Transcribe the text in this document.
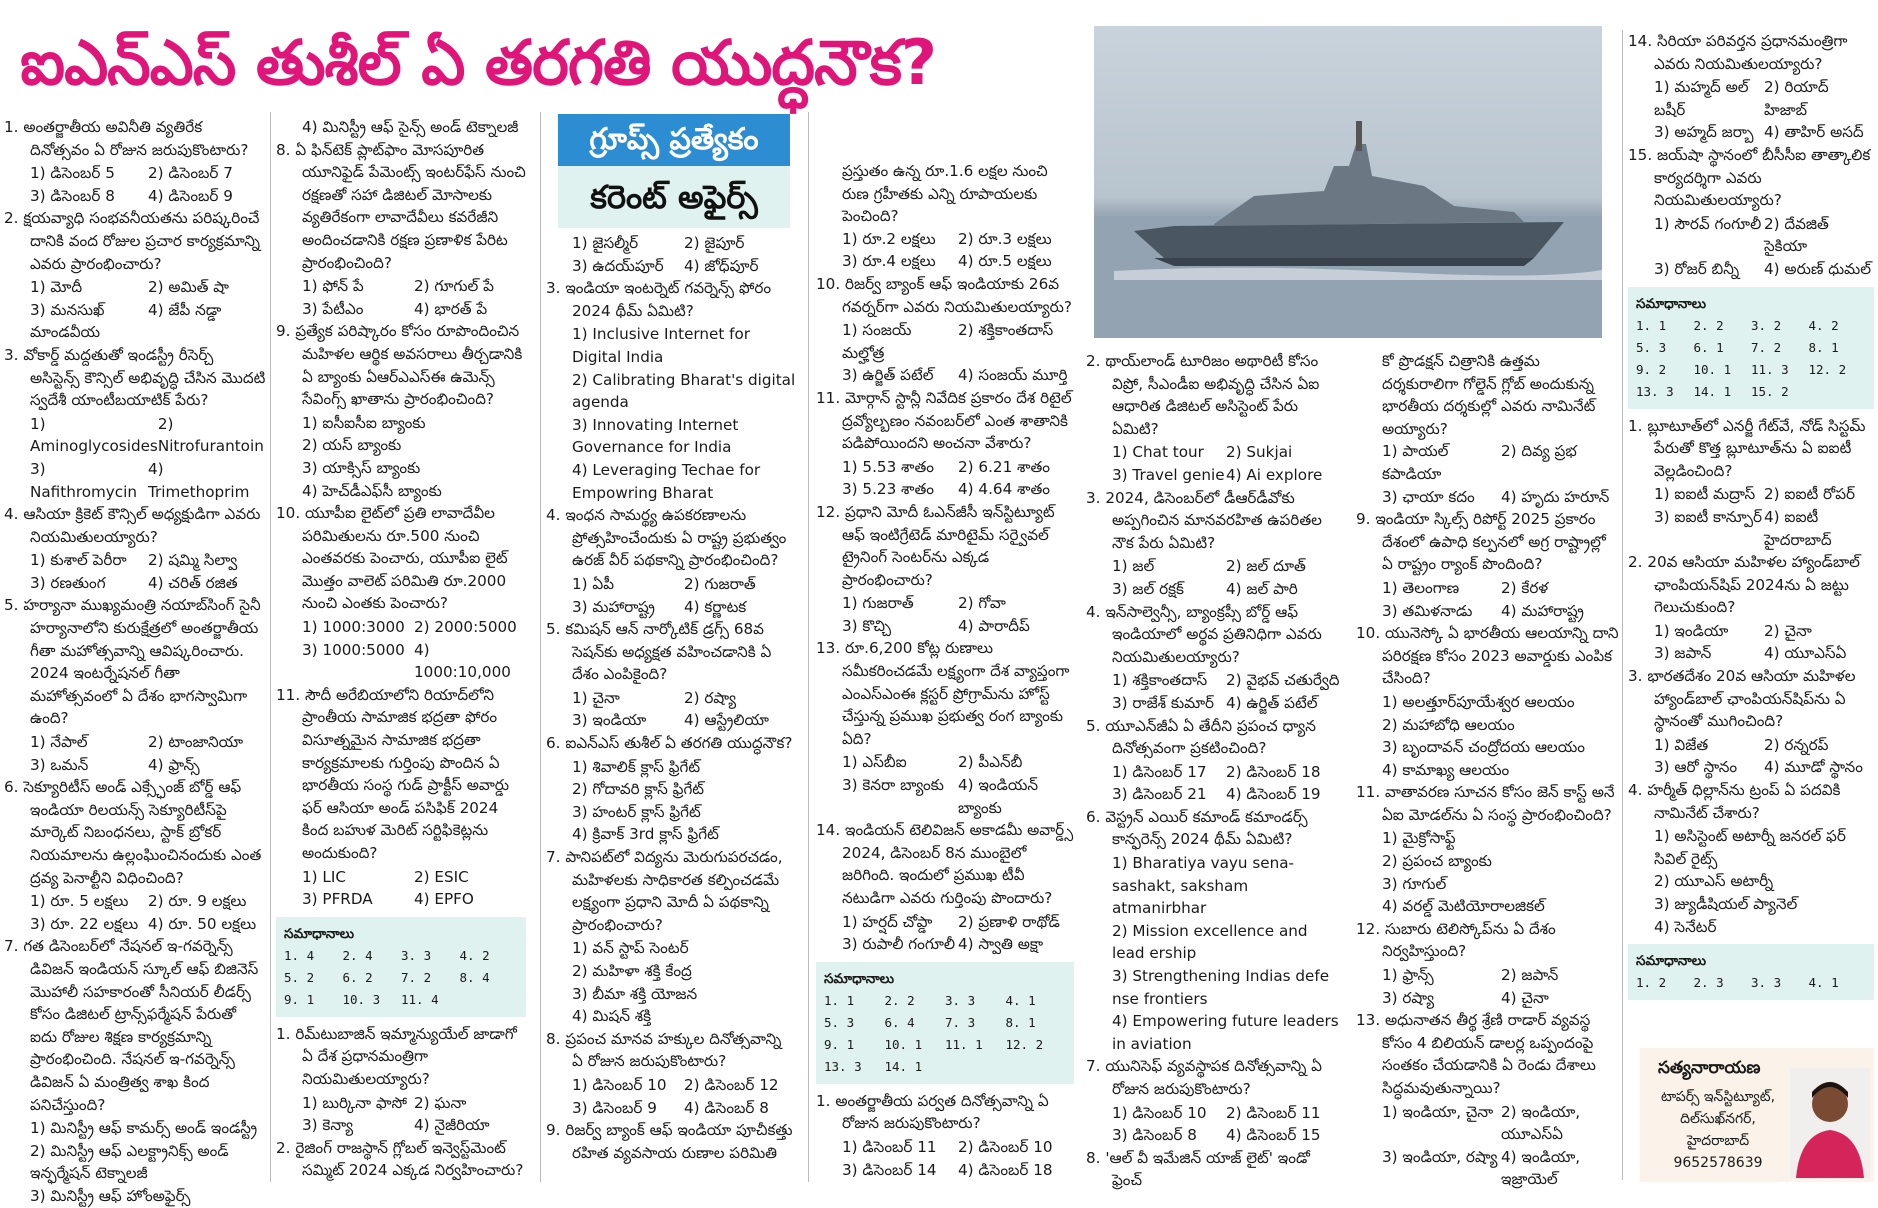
ఐఎన్ఎస్ తుశీల్ ఏ తరగతి యుద్ధనౌక?
గ్రూప్స్ ప్రత్యేకం
కరెంట్ అఫైర్స్
1. అంతర్జాతీయ అవినీతి వ్యతిరేక దినోత్సవం ఏ రోజున జరుపుకొంటారు?
1) డిసెంబర్ 5	2) డిసెంబర్ 7
3) డిసెంబర్ 8	4) డిసెంబర్ 9
2. క్షయవ్యాధి సంభవనీయతను పరిష్కరించే దానికి వంద రోజుల ప్రచార కార్యక్రమాన్ని ఎవరు ప్రారంభించారు?
1) మోదీ	2) అమిత్ షా
3) మనసుఖ్ మాండవీయ
4) జేపీ నడ్డా
3. వోకార్డ్ మద్దతుతో ఇండస్ట్రీ రీసెర్చ్ అసిస్టెన్స్ కౌన్సిల్ అభివృద్ధి చేసిన మొదటి స్వదేశీ యాంటీబయాటిక్ పేరు?
1) Aminoglycosides
2) Nitrofurantoin
3) Nafithromycin
4) Trimethoprim
4. ఆసియా క్రికెట్ కౌన్సిల్ అధ్యక్షుడిగా ఎవరు నియమితులయ్యారు?
1) కుశాల్ పెరీరా	2) షమ్మి సిల్వా
3) రణతుంగ	4) చరిత్ రజిత
5. హర్యానా ముఖ్యమంత్రి నయాబ్‌సింగ్ సైనీ హర్యానాలోని కురుక్షేత్రలో అంతర్జాతీయ గీతా మహోత్సవాన్ని ఆవిష్కరించారు. 2024 ఇంటర్నేషనల్ గీతా మహోత్సవంలో ఏ దేశం భాగస్వామిగా ఉంది?
1) నేపాల్	2) టాంజానియా
3) ఒమన్	4) ఫ్రాన్స్
6. సెక్యూరిటీస్ అండ్ ఎక్స్ఛేంజ్ బోర్డ్ ఆఫ్ ఇండియా రిలయన్స్ సెక్యూరిటీస్‌పై మార్కెట్ నిబంధనలు, స్టాక్ బ్రోకర్ నియమాలను ఉల్లంఘించినందుకు ఎంత ద్రవ్య పెనాల్టీని విధించింది?
1) రూ. 5 లక్షలు	2) రూ. 9 లక్షలు
3) రూ. 22 లక్షలు 4) రూ. 50 లక్షలు
7. గత డిసెంబర్‌లో నేషనల్ ఇ-గవర్నెన్స్ డివిజన్ ఇండియన్ స్కూల్ ఆఫ్ బిజినెస్ మొహాలీ సహకారంతో సీనియర్ లీడర్స్ కోసం డిజిటల్ ట్రాన్స్‌ఫర్మేషన్ పేరుతో ఐదు రోజుల శిక్షణ కార్యక్రమాన్ని ప్రారంభించింది. నేషనల్ ఇ-గవర్నెన్స్ డివిజన్ ఏ మంత్రిత్వ శాఖ కింద పనిచేస్తుంది?
1) మినిస్ట్రీ ఆఫ్ కామర్స్ అండ్ ఇండస్ట్రీ
2) మినిస్ట్రీ ఆఫ్ ఎలక్ట్రానిక్స్ అండ్ ఇన్ఫర్మేషన్ టెక్నాలజీ
3) మినిస్ట్రీ ఆఫ్ హోంఅఫైర్స్
4) మినిస్ట్రీ ఆఫ్ సైన్స్ అండ్ టెక్నాలజీ
8. ఏ ఫిన్‌టెక్ ప్లాట్‌ఫాం మోసపూరిత యూనిఫైడ్ పేమెంట్స్ ఇంటర్‌ఫేస్ నుంచి రక్షణతో సహా డిజిటల్ మోసాలకు వ్యతిరేకంగా లావాదేవీలు కవరేజీని అందించడానికి రక్షణ ప్రణాళిక పేరిట ప్రారంభించింది?
1) ఫోన్ పే	2) గూగుల్ పే
3) పేటీఎం	4) భారత్ పే
9. ప్రత్యేక పరిష్కారం కోసం రూపొందించిన మహిళల ఆర్థిక అవసరాలు తీర్చడానికి ఏ బ్యాంకు ఏఆర్ఎఎస్ఈ ఉమెన్స్ సేవింగ్స్ ఖాతాను ప్రారంభించింది?
1) ఐసీఐసీఐ బ్యాంకు
2) యస్ బ్యాంకు
3) యాక్సిస్ బ్యాంకు
4) హెచ్‌డీఎఫ్‌సీ బ్యాంకు
10. యూపీఐ లైట్‌లో ప్రతి లావాదేవీల పరిమితులను రూ.500 నుంచి ఎంతవరకు పెంచారు, యూపీఐ లైట్ మొత్తం వాలెట్ పరిమితి రూ.2000 నుంచి ఎంతకు పెంచారు?
1) 1000:3000 2) 2000:5000
3) 1000:5000 4) 1000:10,000
11. సౌదీ అరేబియాలోని రియాద్‌లోని ప్రాంతీయ సామాజిక భద్రతా ఫోరం విసూత్నమైన సామాజిక భద్రతా కార్యక్రమాలకు గుర్తింపు పొందిన ఏ భారతీయ సంస్థ గుడ్ ప్రాక్టీస్ అవార్డు ఫర్ ఆసియా అండ్ పసిఫిక్ 2024 కింద బహుళ మెరిట్ సర్టిఫికెట్లను అందుకుంది?
1) LIC	2) ESIC
3) PFRDA	4) EPFO
సమాధానాలు
1. 4	2. 4	3. 3	4. 2
5. 2	6. 2	7. 2	8. 4
9. 1	10. 3	11. 4
1. రిమ్‌టుబాజిన్ ఇమ్మాన్యుయేల్ జాడాగో ఏ దేశ ప్రధానమంత్రిగా నియమితులయ్యారు?
1) బుర్కినా ఫాసో 2) ఘనా
3) కెన్యా	4) నైజీరియా
2. రైజింగ్ రాజస్థాన్ గ్లోబల్ ఇన్వెస్ట్‌మెంట్ సమ్మిట్ 2024 ఎక్కడ నిర్వహించారు?
1) జైసల్మీర్	2) జైపూర్
3) ఉదయ్‌పూర్	4) జోధ్‌పూర్
3. ఇండియా ఇంటర్నెట్ గవర్నెన్స్ ఫోరం 2024 థీమ్ ఏమిటి?
1) Inclusive Internet for Digital India
2) Calibrating Bharat's digital agenda
3) Innovating Internet Governance for India
4) Leveraging Techae for Empowring Bharat
4. ఇంధన సామర్థ్య ఉపకరణాలను ప్రోత్సహించేందుకు ఏ రాష్ట్ర ప్రభుత్వం ఉరజ్ వీర్ పథకాన్ని ప్రారంభించింది?
1) ఏపీ	2) గుజరాత్
3) మహారాష్ట్ర	4) కర్ణాటక
5. కమిషన్ ఆన్ నార్కోటిక్ డ్రగ్స్ 68వ సెషన్‌కు అధ్యక్షత వహించడానికి ఏ దేశం ఎంపికైంది?
1) చైనా	2) రష్యా
3) ఇండియా	4) ఆస్ట్రేలియా
6. ఐఎన్ఎస్ తుశీల్ ఏ తరగతి యుద్ధనౌక?
1) శివాలిక్ క్లాస్ ఫ్రిగేట్
2) గోదావరి క్లాస్ ఫ్రిగేట్
3) హంటర్ క్లాస్ ఫ్రిగేట్
4) క్రివాక్ 3rd క్లాస్ ఫ్రిగేట్
7. పానిపట్‌లో విద్యను మెరుగుపరచడం, మహిళలకు సాధికారత కల్పించడమే లక్ష్యంగా ప్రధాని మోదీ ఏ పథకాన్ని ప్రారంభించారు?
1) వన్ స్టాప్ సెంటర్
2) మహిళా శక్తి కేంద్ర
3) బీమా శక్తి యోజన
4) మిషన్ శక్తి
8. ప్రపంచ మానవ హక్కుల దినోత్సవాన్ని ఏ రోజున జరుపుకొంటారు?
1) డిసెంబర్ 10	2) డిసెంబర్ 12
3) డిసెంబర్ 9	4) డిసెంబర్ 8
9. రిజర్వ్ బ్యాంక్ ఆఫ్ ఇండియా పూచీకత్తు రహిత వ్యవసాయ రుణాల పరిమితి
ప్రస్తుతం ఉన్న రూ.1.6 లక్షల నుంచి రుణ గ్రహీతకు ఎన్ని రూపాయలకు పెంచింది?
1) రూ.2 లక్షలు	2) రూ.3 లక్షలు
3) రూ.4 లక్షలు	4) రూ.5 లక్షలు
10. రిజర్వ్ బ్యాంక్ ఆఫ్ ఇండియాకు 26వ గవర్నర్‌గా ఎవరు నియమితులయ్యారు?
1) సంజయ్ మల్హోత్ర
2) శక్తికాంతదాస్
3) ఉర్జిత్ పటేల్	4) సంజయ్ మూర్తి
11. మోర్గాన్ స్టాన్లీ నివేదిక ప్రకారం దేశ రిటైల్ ద్రవ్యోల్బణం నవంబర్‌లో ఎంత శాతానికి పడిపోయిందని అంచనా వేశారు?
1) 5.53 శాతం	2) 6.21 శాతం
3) 5.23 శాతం	4) 4.64 శాతం
12. ప్రధాని మోదీ ఓఎన్‌జీసీ ఇన్‌స్టిట్యూట్ ఆఫ్ ఇంటిగ్రేటెడ్ మారిటైమ్ సర్వైవల్ ట్రైనింగ్ సెంటర్‌ను ఎక్కడ ప్రారంభించారు?
1) గుజరాత్	2) గోవా
3) కొచ్చి	4) పారాదీప్
13. రూ.6,200 కోట్ల రుణాలు సమీకరించడమే లక్ష్యంగా దేశ వ్యాప్తంగా ఎంఎస్ఎంఈ క్లస్టర్ ప్రోగ్రామ్‌ను హోస్ట్ చేస్తున్న ప్రముఖ ప్రభుత్వ రంగ బ్యాంకు ఏది?
1) ఎస్‌బీఐ	2) పీఎన్‌బీ
3) కెనరా బ్యాంకు 4) ఇండియన్ బ్యాంకు
14. ఇండియన్ టెలివిజన్ అకాడమీ అవార్డ్స్ 2024, డిసెంబర్ 8న ముంబైలో జరిగింది. ఇందులో ప్రముఖ టీవీ నటుడిగా ఎవరు గుర్తింపు పొందారు?
1) హర్షద్ చోప్డా	2) ప్రణాళి రాథోడ్
3) రుపాలీ గంగూలీ 4) స్వాతి అక్షా
సమాధానాలు
1. 1	2. 2	3. 3	4. 1
5. 3	6. 4	7. 3	8. 1
9. 1	10. 1	11. 1	12. 2
13. 3	14. 1
1. అంతర్జాతీయ పర్వత దినోత్సవాన్ని ఏ రోజున జరుపుకొంటారు?
1) డిసెంబర్ 11	2) డిసెంబర్ 10
3) డిసెంబర్ 14	4) డిసెంబర్ 18
2. థాయ్‌లాండ్ టూరిజం అథారిటీ కోసం విప్రో, సీఎండీఐ అభివృద్ధి చేసిన ఏఐ ఆధారిత డిజిటల్ అసిస్టెంట్ పేరు ఏమిటి?
1) Chat tour	2) Sukjai
3) Travel genie 4) Ai explore
3. 2024, డిసెంబర్‌లో డీఆర్‌డీవోకు అప్పగించిన మానవరహిత ఉపరితల నౌక పేరు ఏమిటి?
1) జల్	2) జల్ దూత్
3) జల్ రక్షక్	4) జల్ పారి
4. ఇన్‌సాల్వెన్సీ, బ్యాంక్రప్సీ బోర్డ్ ఆఫ్ ఇండియాలో అర్థవ ప్రతినిధిగా ఎవరు నియమితులయ్యారు?
1) శక్తికాంతదాస్	2) వైభవ్ చతుర్వేది
3) రాజేశ్ కుమార్ 4) ఉర్జిత్ పటేల్
5. యూఎన్‌జీఏ ఏ తేదీని ప్రపంచ ధ్యాన దినోత్సవంగా ప్రకటించింది?
1) డిసెంబర్ 17	2) డిసెంబర్ 18
3) డిసెంబర్ 21	4) డిసెంబర్ 19
6. వెస్ట్రన్ ఎయిర్ కమాండ్ కమాండర్స్ కాన్ఫరెన్స్ 2024 థీమ్ ఏమిటి?
1) Bharatiya vayu sena-sashakt, saksham atmanirbhar
2) Mission excellence and lead ership
3) Strengthening Indias defe nse frontiers
4) Empowering future leaders in aviation
7. యునిసెఫ్ వ్యవస్థాపక దినోత్సవాన్ని ఏ రోజున జరుపుకొంటారు?
1) డిసెంబర్ 10	2) డిసెంబర్ 11
3) డిసెంబర్ 8	4) డిసెంబర్ 15
8. 'ఆల్ వీ ఇమేజిన్ యాజ్ లైట్' ఇండో ఫ్రెంచ్
కో ప్రొడక్షన్ చిత్రానికి ఉత్తమ దర్శకురాలిగా గోల్డెన్ గ్లోబ్ అందుకున్న భారతీయ దర్శకుల్లో ఎవరు నామినేట్ అయ్యారు?
1) పాయల్ కపాడియా
2) దివ్య ప్రభ
3) ఛాయా కదం	4) హృదు హరూన్
9. ఇండియా స్కిల్స్ రిపోర్ట్ 2025 ప్రకారం దేశంలో ఉపాధి కల్పనలో అగ్ర రాష్ట్రాల్లో ఏ రాష్ట్రం ర్యాంక్ పొందింది?
1) తెలంగాణ	2) కేరళ
3) తమిళనాడు	4) మహారాష్ట్ర
10. యునెస్కో ఏ భారతీయ ఆలయాన్ని దాని పరిరక్షణ కోసం 2023 అవార్డుకు ఎంపిక చేసింది?
1) అలత్తూర్‌పూయేశ్వర ఆలయం
2) మహాబోధి ఆలయం
3) బృందావన్ చంద్రోదయ ఆలయం
4) కామాఖ్య ఆలయం
11. వాతావరణ సూచన కోసం జెన్ కాస్ట్ అనే ఏఐ మోడల్‌ను ఏ సంస్థ ప్రారంభించింది?
1) మైక్రోసాఫ్ట్
2) ప్రపంచ బ్యాంకు
3) గూగుల్
4) వరల్డ్ మెటియోరాలజికల్
12. సుబారు టెలిస్కోప్‌ను ఏ దేశం నిర్వహిస్తుంది?
1) ఫ్రాన్స్	2) జపాన్
3) రష్యా	4) చైనా
13. అధునాతన తీర్థ శ్రేణి రాడార్ వ్యవస్థ కోసం 4 బిలియన్ డాలర్ల ఒప్పందంపై సంతకం చేయడానికి ఏ రెండు దేశాలు సిద్ధమవుతున్నాయి?
1) ఇండియా, చైనా 2) ఇండియా, యూఎస్ఏ
3) ఇండియా, రష్యా 4) ఇండియా, ఇజ్రాయెల్
14. సిరియా పరివర్తన ప్రధానమంత్రిగా ఎవరు నియమితులయ్యారు?
1) మహ్మద్ అల్ బషీర్
2) రియాద్ హిజాబ్
3) అహ్మద్ జర్బా 4) తాహిర్ అసద్
15. జయ్‌షా స్థానంలో బీసీసీఐ తాత్కాలిక కార్యదర్శిగా ఎవరు నియమితులయ్యారు?
1) సౌరవ్ గంగూలీ 2) దేవజిత్ సైకియా
3) రోజర్ బిన్నీ	4) అరుణ్ ధుమల్
సమాధానాలు
1. 1	2. 2	3. 2	4. 2
5. 3	6. 1	7. 2	8. 1
9. 2	10. 1	11. 3	12. 2
13. 3	14. 1	15. 2
1. బ్లూటూత్‌లో ఎనర్జీ గేట్‌వే, నోడ్ సిస్టమ్ పేరుతో కొత్త బ్లూటూత్‌ను ఏ ఐఐటీ వెల్లడించింది?
1) ఐఐటీ మద్రాస్ 2) ఐఐటీ రోపర్
3) ఐఐటీ కాన్పూర్ 4) ఐఐటీ హైదరాబాద్
2. 20వ ఆసియా మహిళల హ్యాండ్‌బాల్ ఛాంపియన్‌షిప్ 2024ను ఏ జట్టు గెలుచుకుంది?
1) ఇండియా	2) చైనా
3) జపాన్	4) యూఎస్ఏ
3. భారతదేశం 20వ ఆసియా మహిళల హ్యాండ్‌బాల్ ఛాంపియన్‌షిప్‌ను ఏ స్థానంతో ముగించింది?
1) విజేత	2) రన్నరప్
3) ఆరో స్థానం	4) మూడో స్థానం
4. హర్మీత్ ధిల్లాన్‌ను ట్రంప్ ఏ పదవికి నామినేట్ చేశారు?
1) అసిస్టెంట్ అటార్నీ జనరల్ ఫర్ సివిల్ రైట్స్
2) యూఎస్ అటార్నీ
3) జ్యుడీషియల్ ప్యానెల్
4) సెనేటర్
సమాధానాలు
1. 2	2. 3	3. 3	4. 1
సత్యనారాయణ
టాపర్స్ ఇన్‌స్టిట్యూట్,
దిల్‌సుఖ్‌నగర్,
హైదరాబాద్
9652578639
